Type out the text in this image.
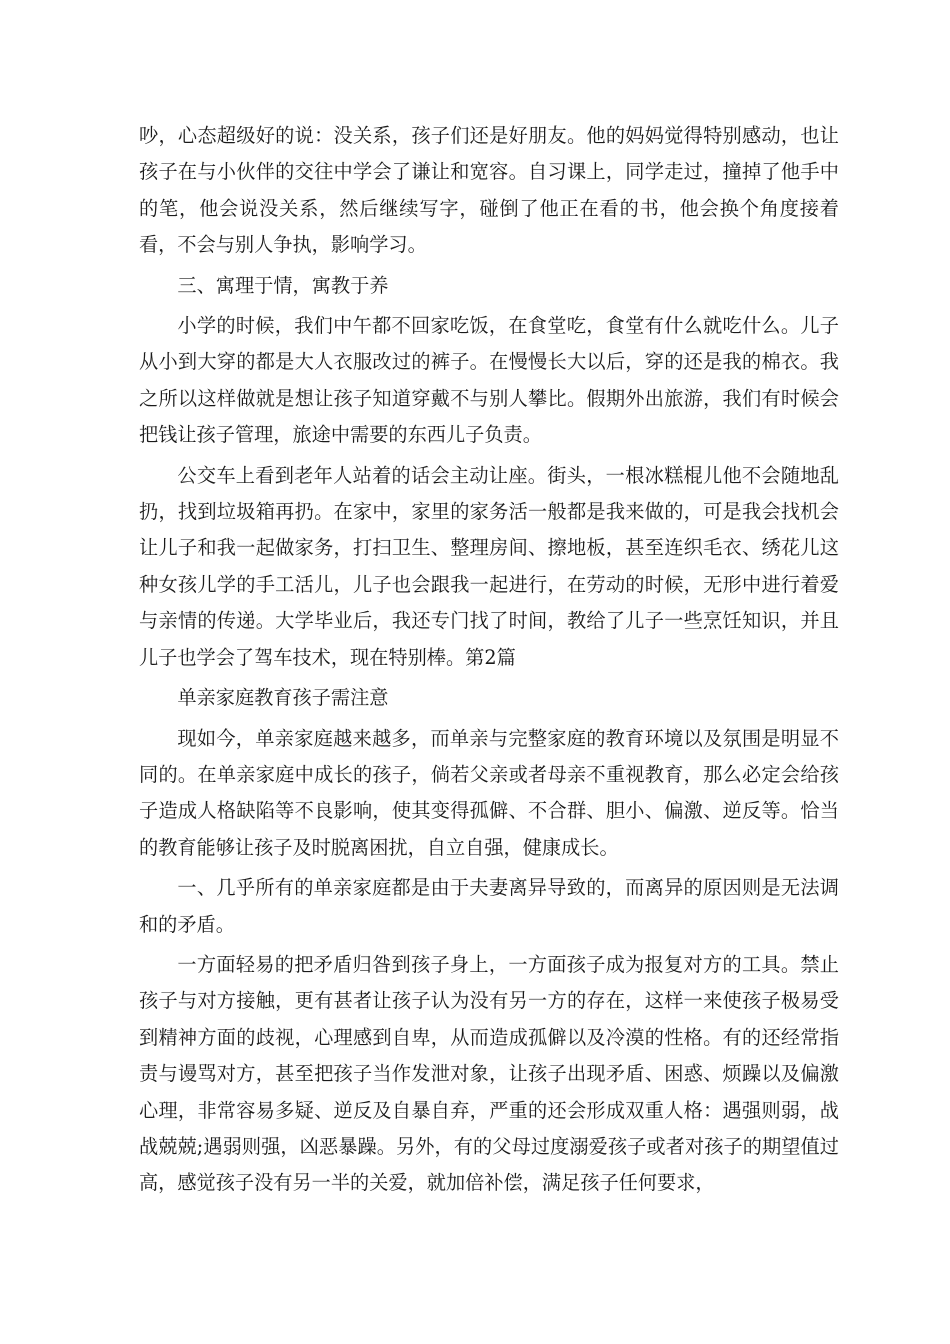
吵，心态超级好的说：没关系，孩子们还是好朋友。他的妈妈觉得特别感动，也让孩子在与小伙伴的交往中学会了谦让和宽容。自习课上，同学走过，撞掉了他手中的笔，他会说没关系，然后继续写字，碰倒了他正在看的书，他会换个角度接着看，不会与别人争执，影响学习。

三、寓理于情，寓教于养

小学的时候，我们中午都不回家吃饭，在食堂吃，食堂有什么就吃什么。儿子从小到大穿的都是大人衣服改过的裤子。在慢慢长大以后，穿的还是我的棉衣。我之所以这样做就是想让孩子知道穿戴不与别人攀比。假期外出旅游，我们有时候会把钱让孩子管理，旅途中需要的东西儿子负责。

公交车上看到老年人站着的话会主动让座。街头，一根冰糕棍儿他不会随地乱扔，找到垃圾箱再扔。在家中，家里的家务活一般都是我来做的，可是我会找机会让儿子和我一起做家务，打扫卫生、整理房间、擦地板，甚至连织毛衣、绣花儿这种女孩儿学的手工活儿，儿子也会跟我一起进行，在劳动的时候，无形中进行着爱与亲情的传递。大学毕业后，我还专门找了时间，教给了儿子一些烹饪知识，并且儿子也学会了驾车技术，现在特别棒。第2篇

单亲家庭教育孩子需注意

现如今，单亲家庭越来越多，而单亲与完整家庭的教育环境以及氛围是明显不同的。在单亲家庭中成长的孩子，倘若父亲或者母亲不重视教育，那么必定会给孩子造成人格缺陷等不良影响，使其变得孤僻、不合群、胆小、偏激、逆反等。恰当的教育能够让孩子及时脱离困扰，自立自强，健康成长。

一、几乎所有的单亲家庭都是由于夫妻离异导致的，而离异的原因则是无法调和的矛盾。

一方面轻易的把矛盾归咎到孩子身上，一方面孩子成为报复对方的工具。禁止孩子与对方接触，更有甚者让孩子认为没有另一方的存在，这样一来使孩子极易受到精神方面的歧视，心理感到自卑，从而造成孤僻以及冷漠的性格。有的还经常指责与谩骂对方，甚至把孩子当作发泄对象，让孩子出现矛盾、困惑、烦躁以及偏激心理，非常容易多疑、逆反及自暴自弃，严重的还会形成双重人格：遇强则弱，战战兢兢;遇弱则强，凶恶暴躁。另外，有的父母过度溺爱孩子或者对孩子的期望值过高，感觉孩子没有另一半的关爱，就加倍补偿，满足孩子任何要求，
